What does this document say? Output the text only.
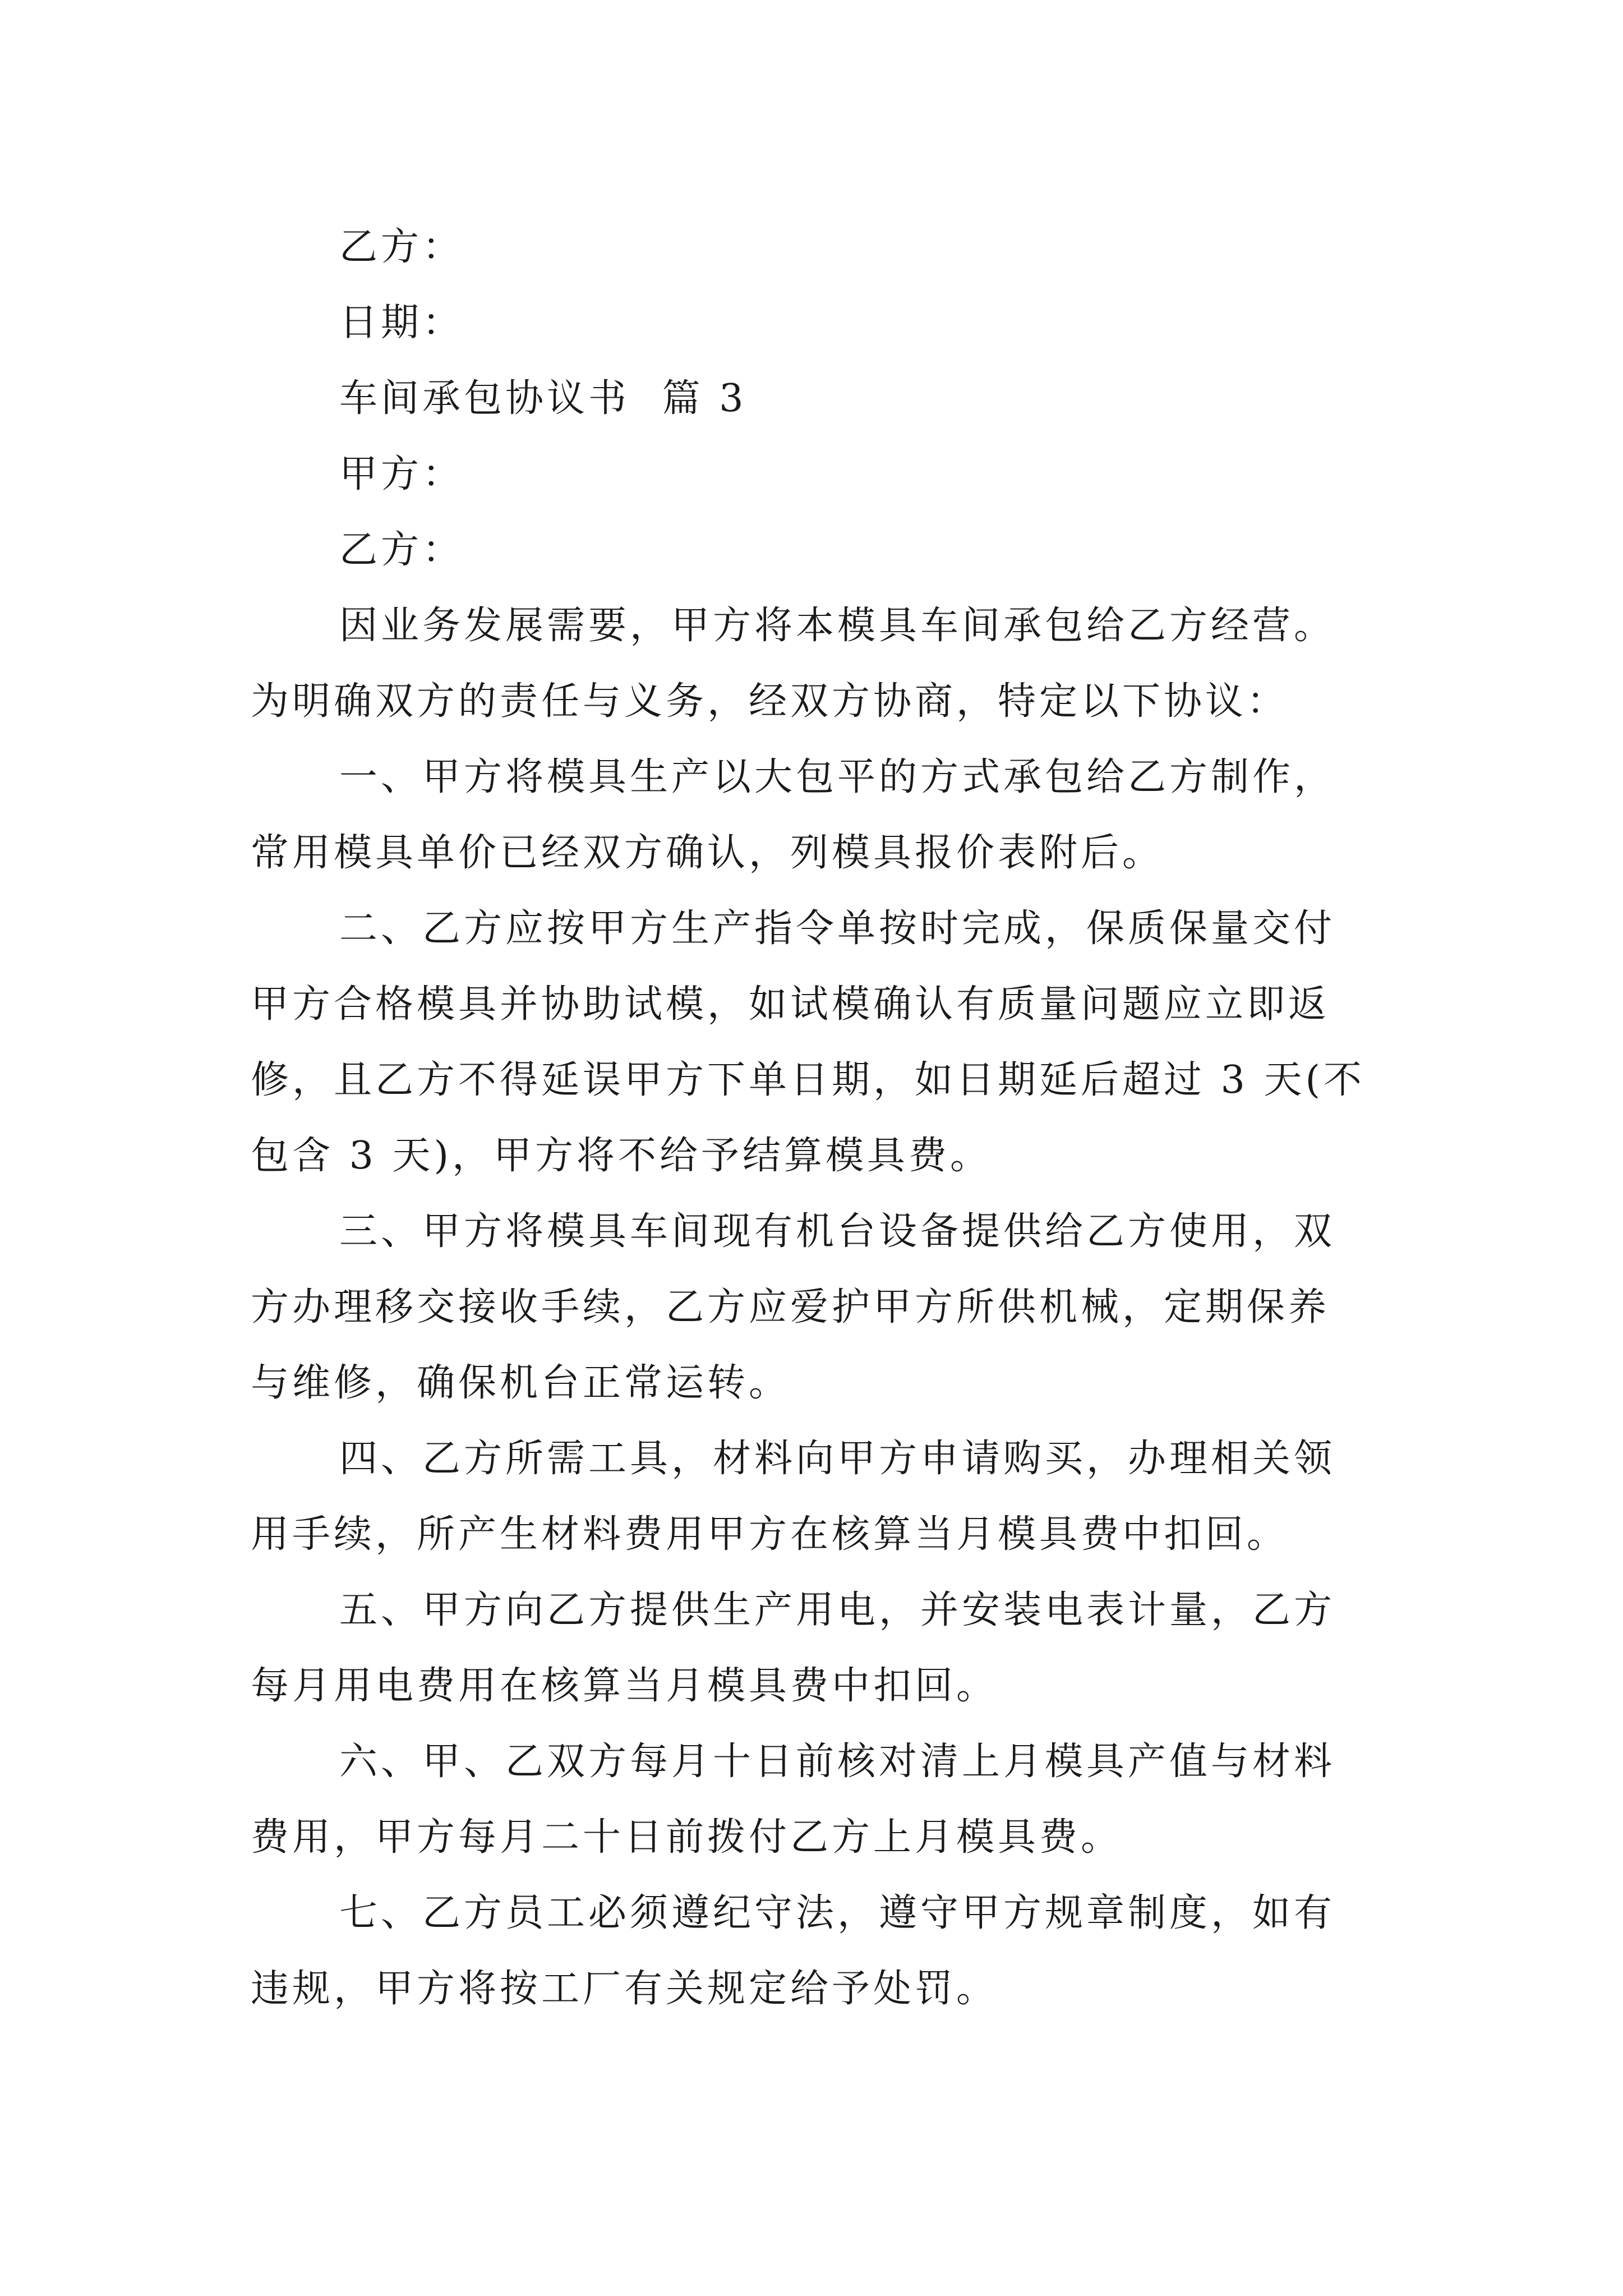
乙方：

日期：

车间承包协议书 篇 3

甲方：

乙方：

因业务发展需要，甲方将本模具车间承包给乙方经营。

为明确双方的责任与义务，经双方协商，特定以下协议：

一、甲方将模具生产以大包平的方式承包给乙方制作，

常用模具单价已经双方确认，列模具报价表附后。

二、乙方应按甲方生产指令单按时完成，保质保量交付

甲方合格模具并协助试模，如试模确认有质量问题应立即返

修，且乙方不得延误甲方下单日期，如日期延后超过 3 天(不

包含 3 天)，甲方将不给予结算模具费。

三、甲方将模具车间现有机台设备提供给乙方使用，双

方办理移交接收手续，乙方应爱护甲方所供机械，定期保养

与维修，确保机台正常运转。

四、乙方所需工具，材料向甲方申请购买，办理相关领

用手续，所产生材料费用甲方在核算当月模具费中扣回。

五、甲方向乙方提供生产用电，并安装电表计量，乙方

每月用电费用在核算当月模具费中扣回。

六、甲、乙双方每月十日前核对清上月模具产值与材料

费用，甲方每月二十日前拨付乙方上月模具费。

七、乙方员工必须遵纪守法，遵守甲方规章制度，如有

违规，甲方将按工厂有关规定给予处罚。
